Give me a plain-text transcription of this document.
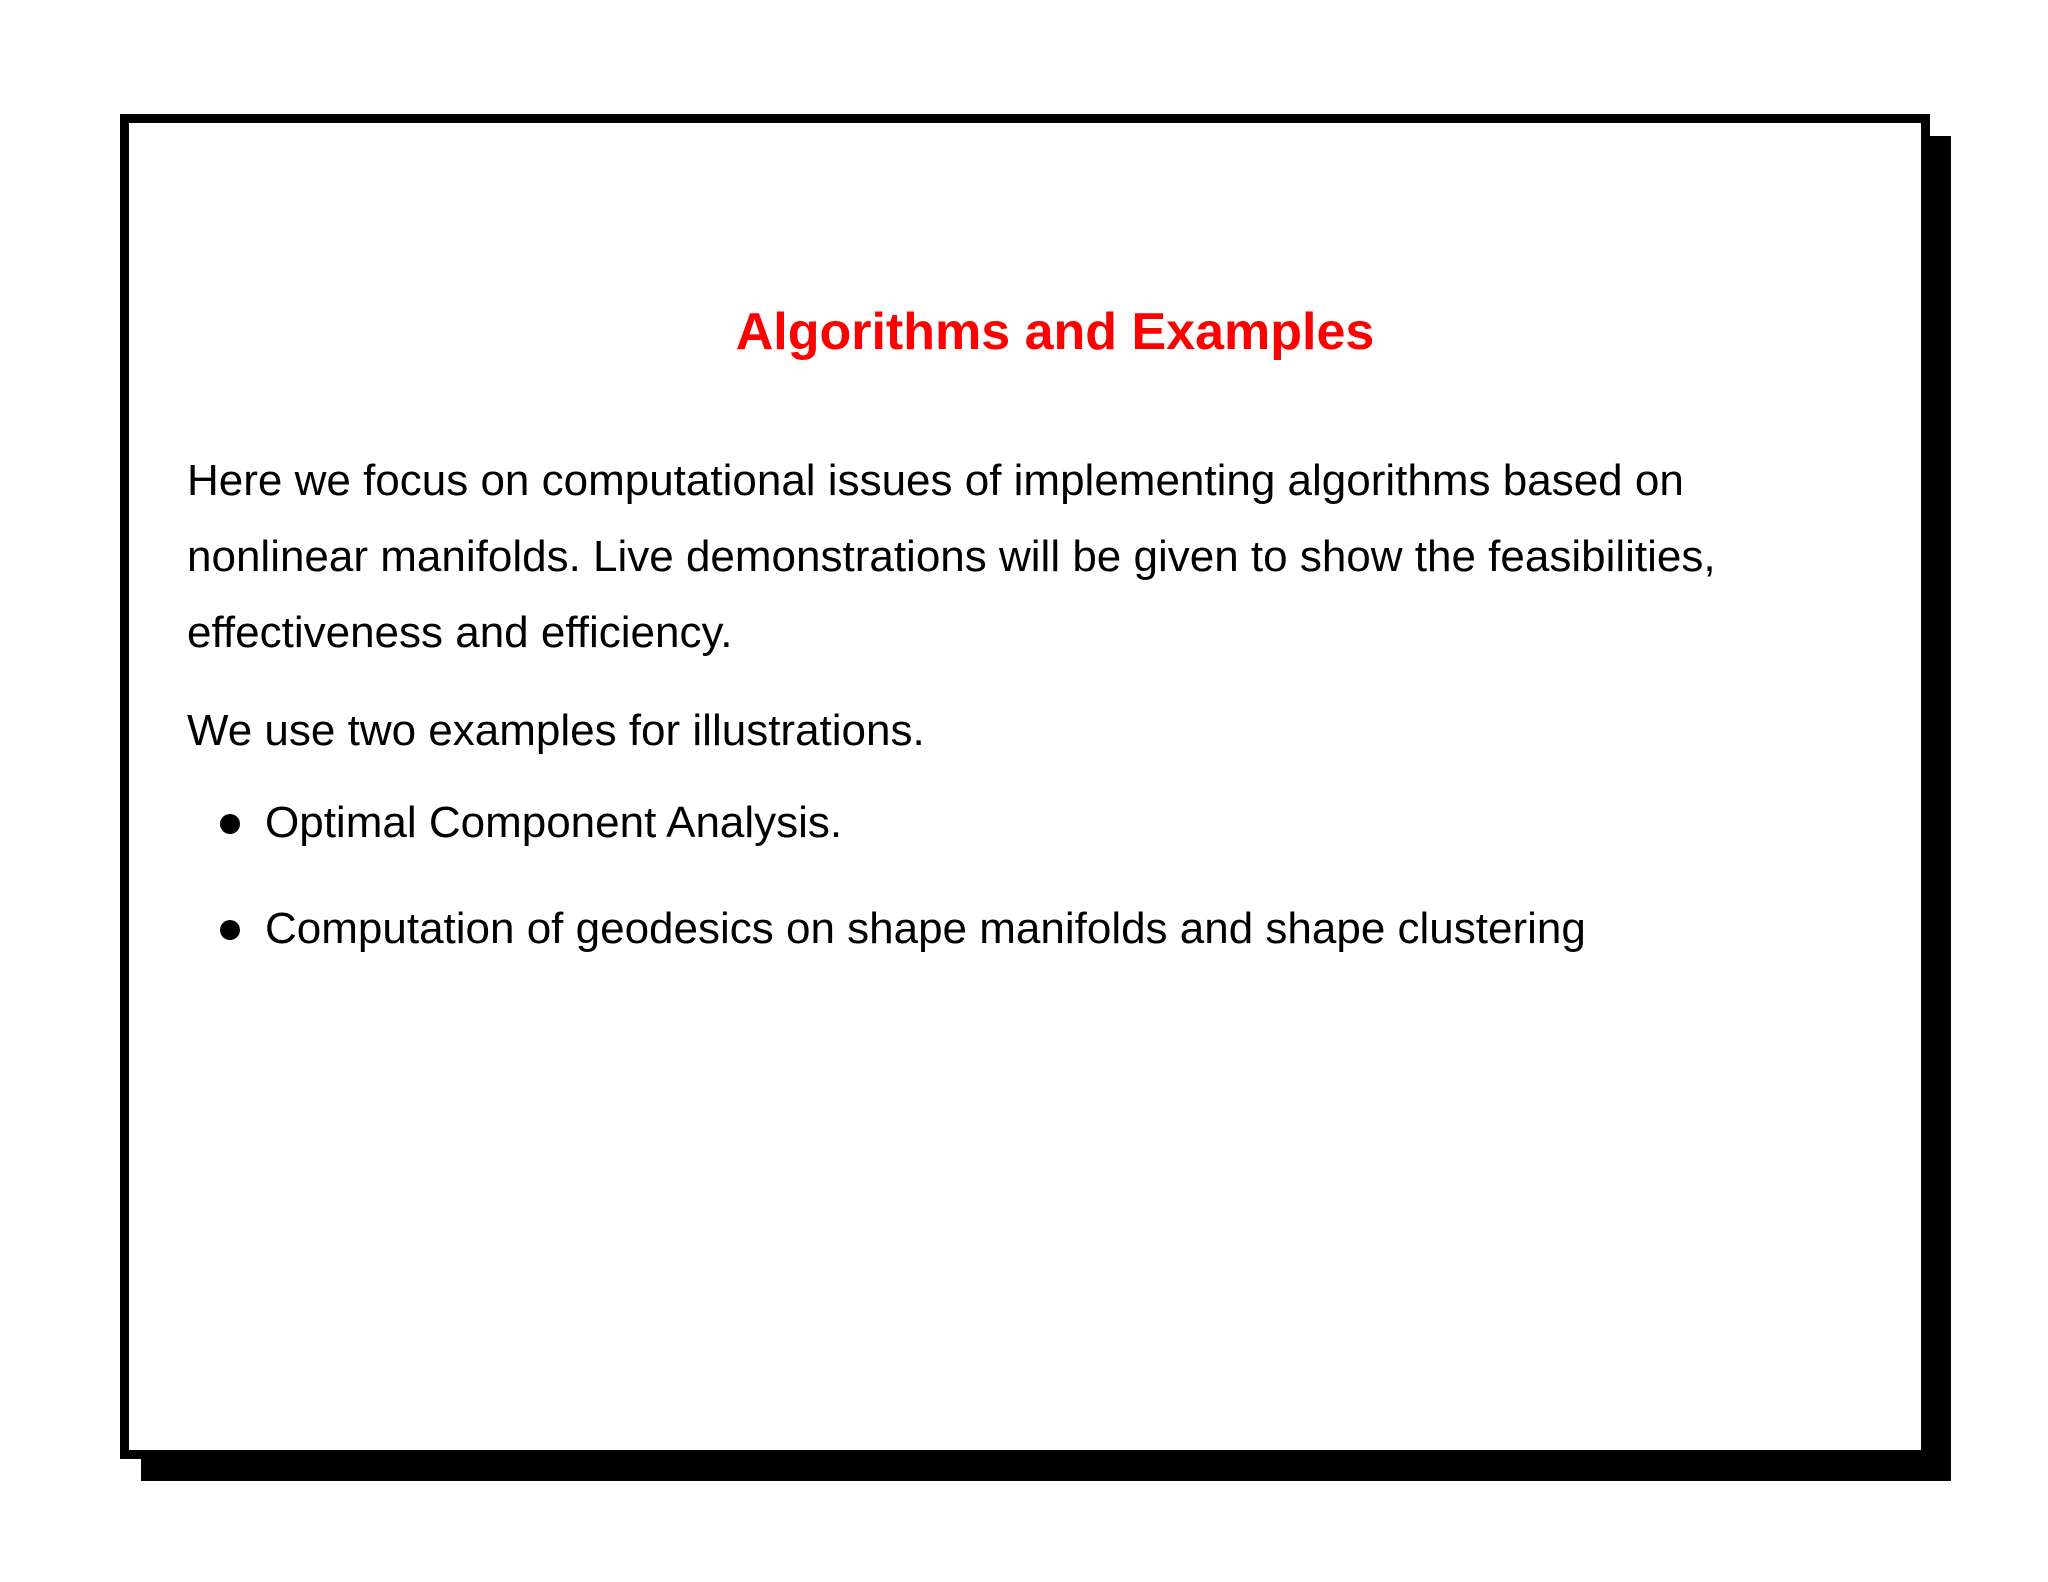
Algorithms and Examples

Here we focus on computational issues of implementing algorithms based on nonlinear manifolds. Live demonstrations will be given to show the feasibilities, effectiveness and efficiency.

We use two examples for illustrations.

Optimal Component Analysis.
Computation of geodesics on shape manifolds and shape clustering
